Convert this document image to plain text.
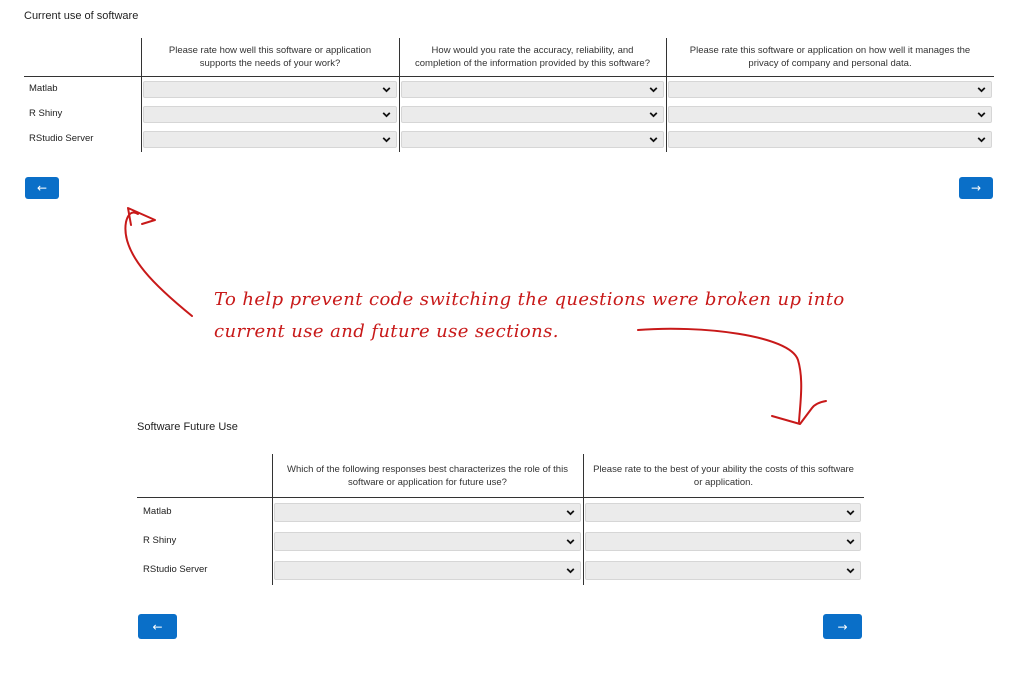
Current use of software
Please rate how well this software or application supports the needs of your work?
How would you rate the accuracy, reliability, and completion of the information provided by this software?
Please rate this software or application on how well it manages the privacy of company and personal data.
Matlab
R Shiny
RStudio Server
←	→
To help prevent code switching the questions were broken up into
current use and future use sections.
Software Future Use
Which of the following responses best characterizes the role of this software or application for future use?
Please rate to the best of your ability the costs of this software or application.
Matlab
R Shiny
RStudio Server
←	→
